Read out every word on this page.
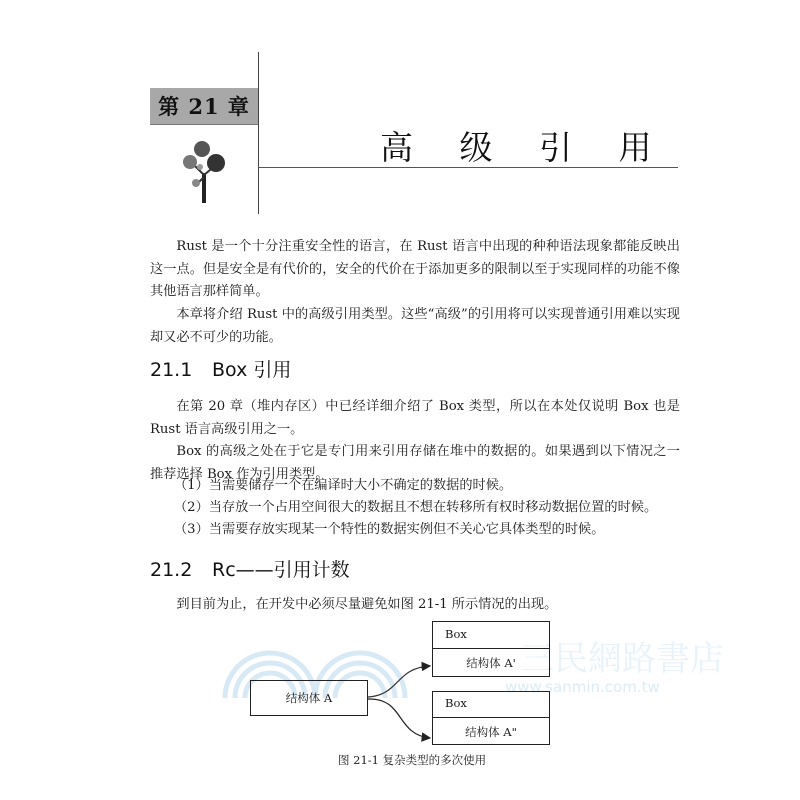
第 21 章
高 级 引 用

Rust 是一个十分注重安全性的语言，在 Rust 语言中出现的种种语法现象都能反映出这一点。但是安全是有代价的，安全的代价在于添加更多的限制以至于实现同样的功能不像其他语言那样简单。

本章将介绍 Rust 中的高级引用类型。这些“高级”的引用将可以实现普通引用难以实现却又必不可少的功能。

21.1 Box 引用

在第 20 章（堆内存区）中已经详细介绍了 Box 类型，所以在本处仅说明 Box 也是 Rust 语言高级引用之一。

Box 的高级之处在于它是专门用来引用存储在堆中的数据的。如果遇到以下情况之一推荐选择 Box 作为引用类型。

（1）当需要储存一个在编译时大小不确定的数据的时候。
（2）当存放一个占用空间很大的数据且不想在转移所有权时移动数据位置的时候。
（3）当需要存放实现某一个特性的数据实例但不关心它具体类型的时候。
21.2 Rc——引用计数

到目前为止，在开发中必须尽量避免如图 21-1 所示情况的出现。

三民網路書店
www.sanmin.com.tw
结构体 A
Box
结构体 A'
Box
结构体 A"
图 21-1 复杂类型的多次使用
